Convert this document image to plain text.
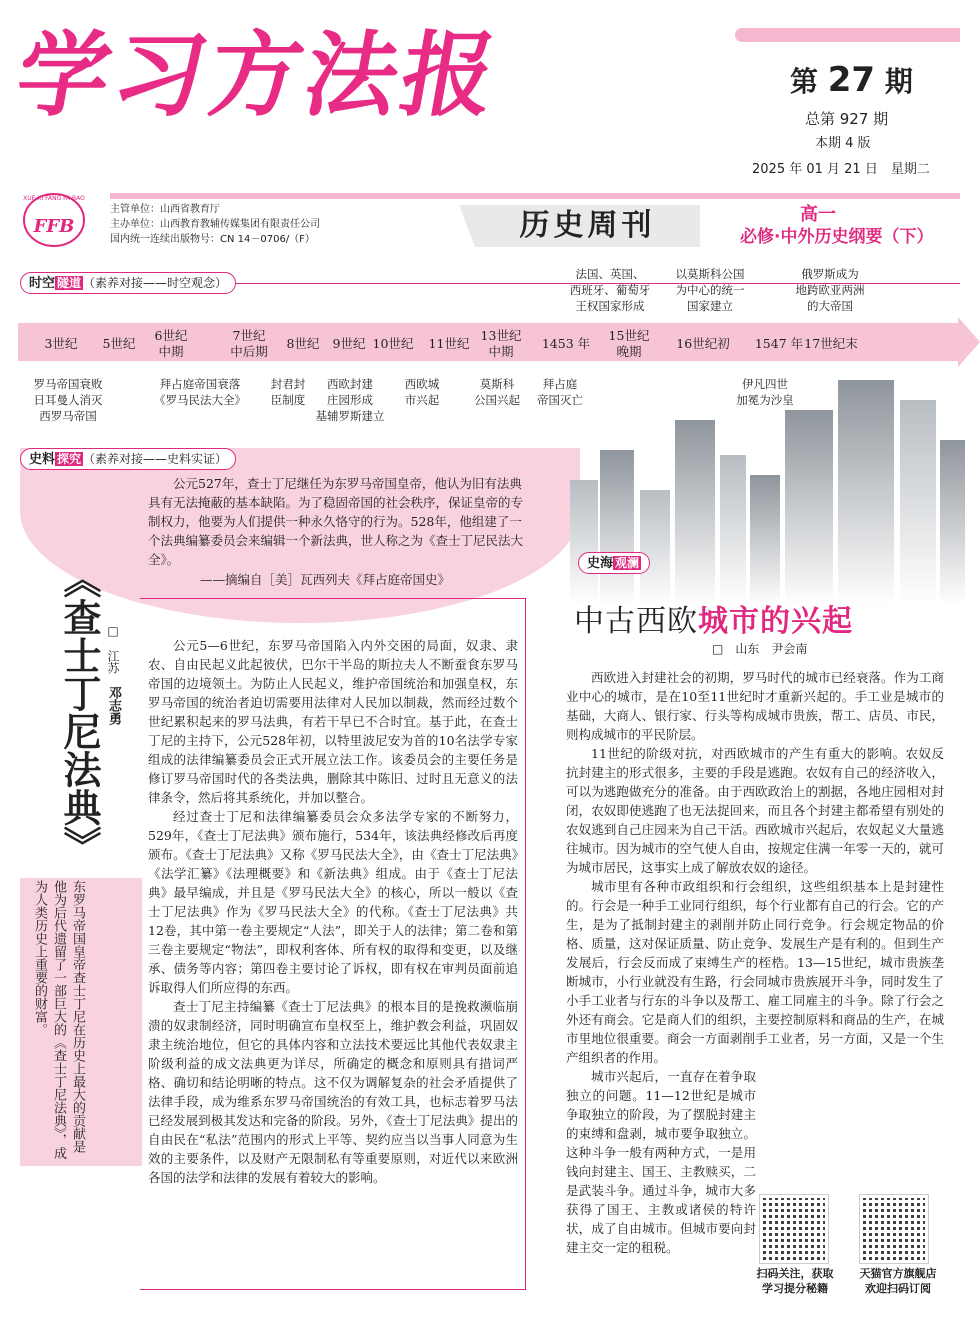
学习方法报	第 27 期
总第 927 期
本期 4 版
2025 年 01 月 21 日　星期二
XUE XI FANG FA BAO
FFB
主管单位：山西省教育厅
主办单位：山西教育教辅传媒集团有限责任公司
国内统一连续出版物号：CN 14－0706/（F）	历史周刊	高一
必修·中外历史纲要（下）
时空 隧道 （素养对接——时空观念）
3世纪	5世纪
6世纪
中期
7世纪
中后期
8世纪	9世纪 10世纪	11世纪
13世纪
中期
1453 年
15世纪
晚期
16世纪初	1547 年 17世纪末
罗马帝国衰败
日耳曼人消灭
西罗马帝国
拜占庭帝国衰落
《罗马民法大全》
封君封
臣制度
西欧封建
庄园形成
基辅罗斯建立
西欧城
市兴起
莫斯科
公国兴起
拜占庭
帝国灭亡
伊凡四世
加冕为沙皇
法国、英国、
西班牙、葡萄牙
王权国家形成
以莫斯科公国
为中心的统一
国家建立
俄罗斯成为
地跨欧亚两洲
的大帝国
史料 探究 （素养对接——史料实证）
公元527年，查士丁尼继任为东罗马帝国皇帝，他认为旧有法典具有无法掩蔽的基本缺陷。为了稳固帝国的社会秩序，保证皇帝的专制权力，他要为人们提供一种永久恪守的行为。528年，他组建了一个法典编纂委员会来编辑一个新法典，世人称之为《查士丁尼民法大全》。
——摘编自［美］瓦西列夫《拜占庭帝国史》
史海 观澜
《查士丁尼法典》 □　江苏　邓志勇

公元5—6世纪，东罗马帝国陷入内外交困的局面，奴隶、隶农、自由民起义此起彼伏，巴尔干半岛的斯拉夫人不断蚕食东罗马帝国的边境领土。为防止人民起义，维护帝国统治和加强皇权，东罗马帝国的统治者迫切需要用法律对人民加以制裁，然而经过数个世纪累积起来的罗马法典，有若干早已不合时宜。基于此，在查士丁尼的主持下，公元528年初，以特里波尼安为首的10名法学专家组成的法律编纂委员会正式开展立法工作。该委员会的主要任务是修订罗马帝国时代的各类法典，删除其中陈旧、过时且无意义的法律条令，然后将其系统化，并加以整合。

经过查士丁尼和法律编纂委员会众多法学专家的不断努力，529年，《查士丁尼法典》颁布施行，534年，该法典经修改后再度颁布。《查士丁尼法典》又称《罗马民法大全》，由《查士丁尼法典》《法学汇纂》《法理概要》和《新法典》组成。由于《查士丁尼法典》最早编成，并且是《罗马民法大全》的核心，所以一般以《查士丁尼法典》作为《罗马民法大全》的代称。《查士丁尼法典》共12卷，其中第一卷主要规定“人法”，即关于人的法律；第二卷和第三卷主要规定“物法”，即权利客体、所有权的取得和变更，以及继承、债务等内容；第四卷主要讨论了诉权，即有权在审判员面前追诉取得人们所应得的东西。

查士丁尼主持编纂《查士丁尼法典》的根本目的是挽救濒临崩溃的奴隶制经济，同时明确宣布皇权至上，维护教会利益，巩固奴隶主统治地位，但它的具体内容和立法技术要远比其他代表奴隶主阶级利益的成文法典更为详尽，所确定的概念和原则具有措词严格、确切和结论明晰的特点。这不仅为调解复杂的社会矛盾提供了法律手段，成为维系东罗马帝国统治的有效工具，也标志着罗马法已经发展到极其发达和完备的阶段。另外，《查士丁尼法典》提出的自由民在“私法”范围内的形式上平等、契约应当以当事人同意为生效的主要条件，以及财产无限制私有等重要原则，对近代以来欧洲各国的法学和法律的发展有着较大的影响。

东罗马帝国皇帝查士丁尼在历史上最大的贡献是他为后代遗留了一部巨大的《查士丁尼法典》，成为人类历史上重要的财富。
中古西欧城市的兴起
□　山东　尹会南

西欧进入封建社会的初期，罗马时代的城市已经衰落。作为工商业中心的城市，是在10至11世纪时才重新兴起的。手工业是城市的基础，大商人、银行家、行头等构成城市贵族，帮工、店员、市民，则构成城市的平民阶层。

11世纪的阶级对抗，对西欧城市的产生有重大的影响。农奴反抗封建主的形式很多，主要的手段是逃跑。农奴有自己的经济收入，可以为逃跑做充分的准备。由于西欧政治上的割据，各地庄园相对封闭，农奴即使逃跑了也无法捉回来，而且各个封建主都希望有别处的农奴逃到自己庄园来为自己干活。西欧城市兴起后，农奴起义大量逃往城市。因为城市的空气使人自由，按规定住满一年零一天的，就可为城市居民，这事实上成了解放农奴的途径。

城市里有各种市政组织和行会组织，这些组织基本上是封建性的。行会是一种手工业同行组织，每个行业都有自己的行会。它的产生，是为了抵制封建主的剥削并防止同行竞争。行会规定物品的价格、质量，这对保证质量、防止竞争、发展生产是有利的。但到生产发展后，行会反而成了束缚生产的桎梏。13—15世纪，城市贵族垄断城市，小行业就没有生路，行会同城市贵族展开斗争，同时发生了小手工业者与行东的斗争以及帮工、雇工同雇主的斗争。除了行会之外还有商会。它是商人们的组织，主要控制原料和商品的生产，在城市里地位很重要。商会一方面剥削手工业者，另一方面，又是一个生产组织者的作用。

城市兴起后，一直存在着争取独立的问题。11—12世纪是城市争取独立的阶段，为了摆脱封建主的束缚和盘剥，城市要争取独立。这种斗争一般有两种方式，一是用钱向封建主、国王、主教赎买，二是武装斗争。通过斗争，城市大多获得了国王、主教或诸侯的特许状，成了自由城市。但城市要向封建主交一定的租税。

扫码关注，获取
学习提分秘籍
天猫官方旗舰店
欢迎扫码订阅
